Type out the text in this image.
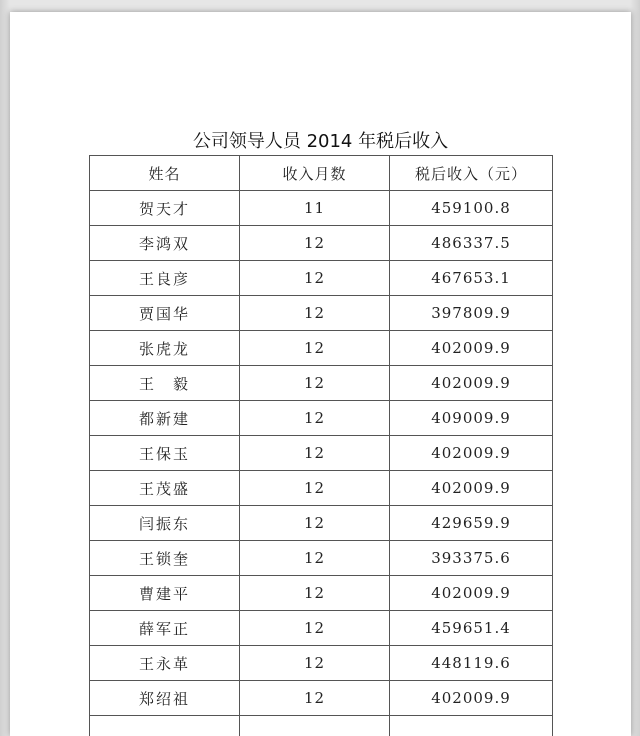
公司领导人员 2014 年税后收入
姓名	收入月数	税后收入（元）
贺天才	11	459100.8
李鸿双	12	486337.5
王良彦	12	467653.1
贾国华	12	397809.9
张虎龙	12	402009.9
王　毅	12	402009.9
都新建	12	409009.9
王保玉	12	402009.9
王茂盛	12	402009.9
闫振东	12	429659.9
王锁奎	12	393375.6
曹建平	12	402009.9
薛军正	12	459651.4
王永革	12	448119.6
郑绍祖	12	402009.9
